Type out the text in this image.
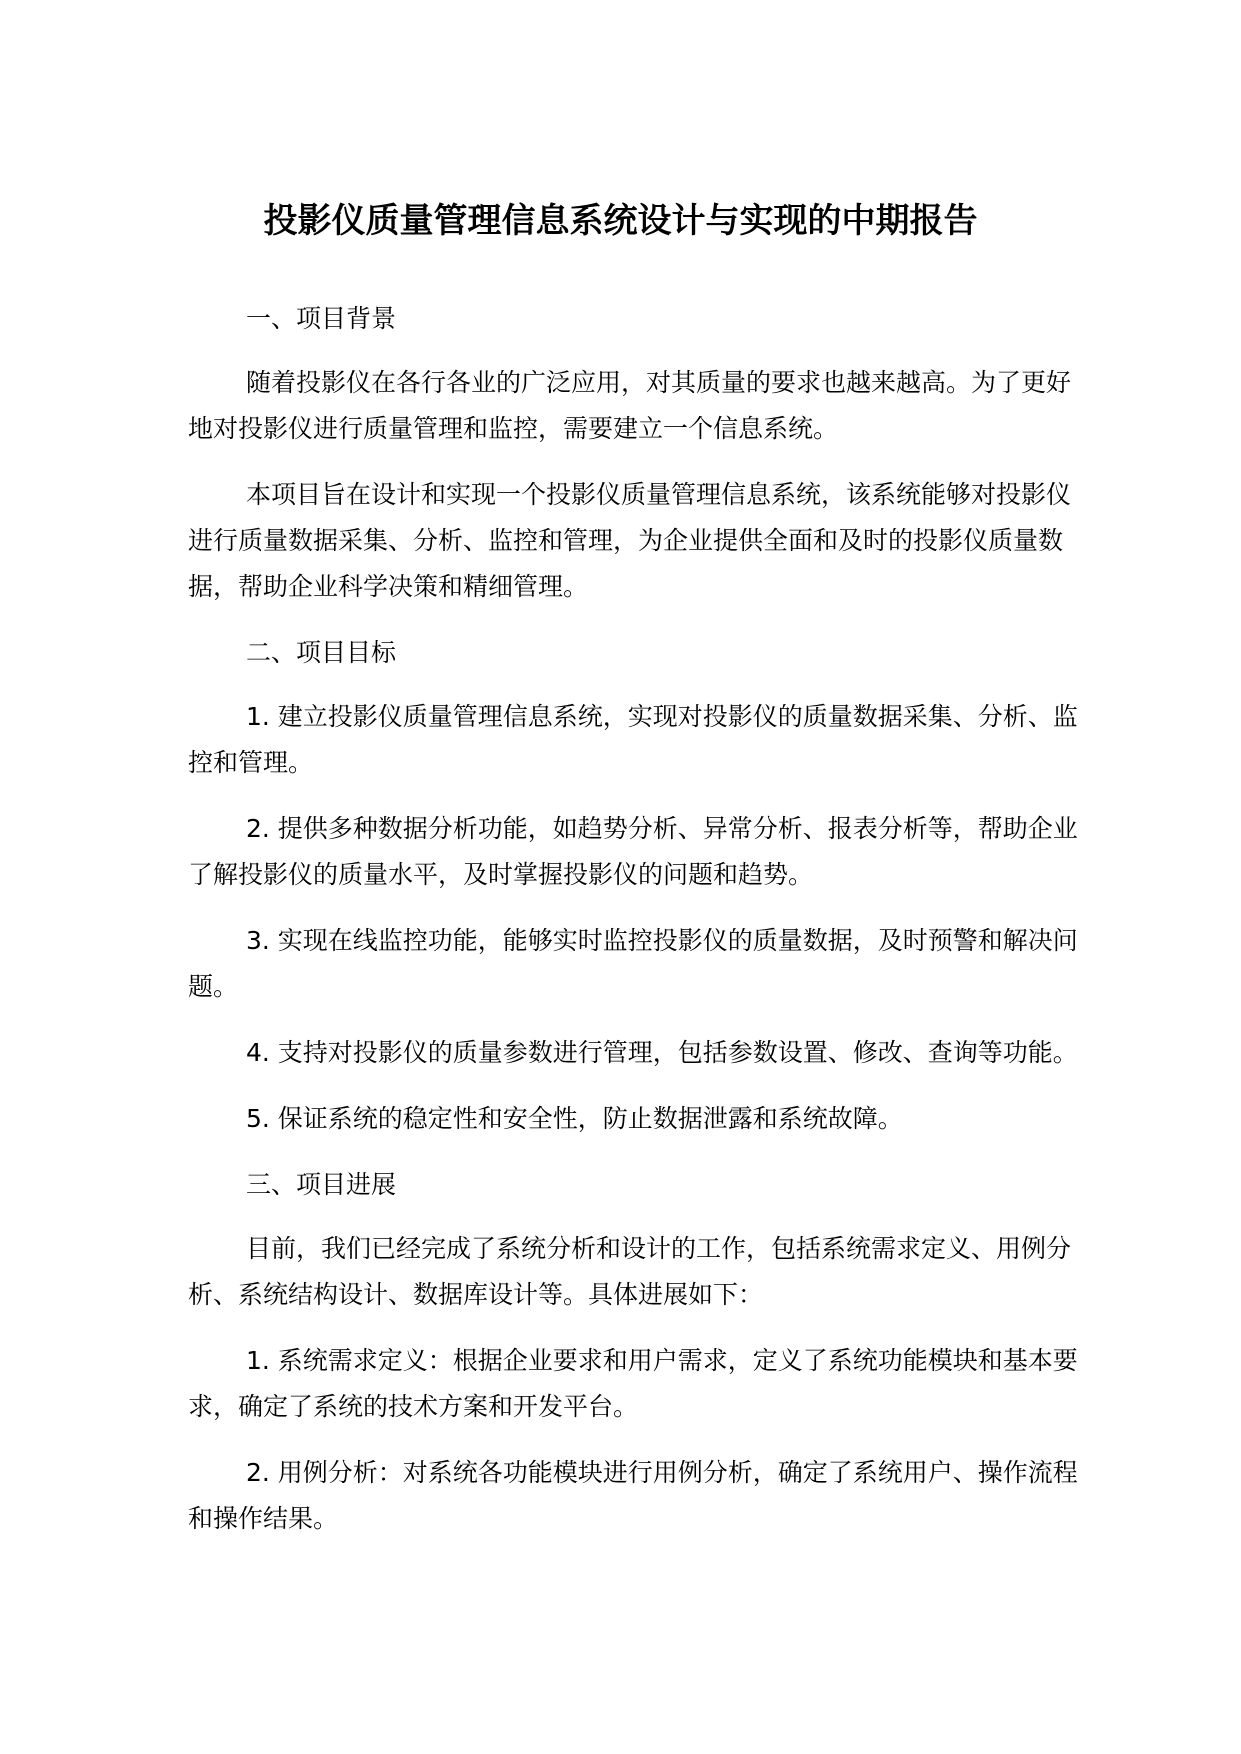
投影仪质量管理信息系统设计与实现的中期报告

一、项目背景

随着投影仪在各行各业的广泛应用，对其质量的要求也越来越高。为了更好地对投影仪进行质量管理和监控，需要建立一个信息系统。

本项目旨在设计和实现一个投影仪质量管理信息系统，该系统能够对投影仪进行质量数据采集、分析、监控和管理，为企业提供全面和及时的投影仪质量数据，帮助企业科学决策和精细管理。

二、项目目标

1. 建立投影仪质量管理信息系统，实现对投影仪的质量数据采集、分析、监控和管理。

2. 提供多种数据分析功能，如趋势分析、异常分析、报表分析等，帮助企业了解投影仪的质量水平，及时掌握投影仪的问题和趋势。

3. 实现在线监控功能，能够实时监控投影仪的质量数据，及时预警和解决问题。

4. 支持对投影仪的质量参数进行管理，包括参数设置、修改、查询等功能。

5. 保证系统的稳定性和安全性，防止数据泄露和系统故障。

三、项目进展

目前，我们已经完成了系统分析和设计的工作，包括系统需求定义、用例分析、系统结构设计、数据库设计等。具体进展如下：

1. 系统需求定义：根据企业要求和用户需求，定义了系统功能模块和基本要求，确定了系统的技术方案和开发平台。

2. 用例分析：对系统各功能模块进行用例分析，确定了系统用户、操作流程和操作结果。
